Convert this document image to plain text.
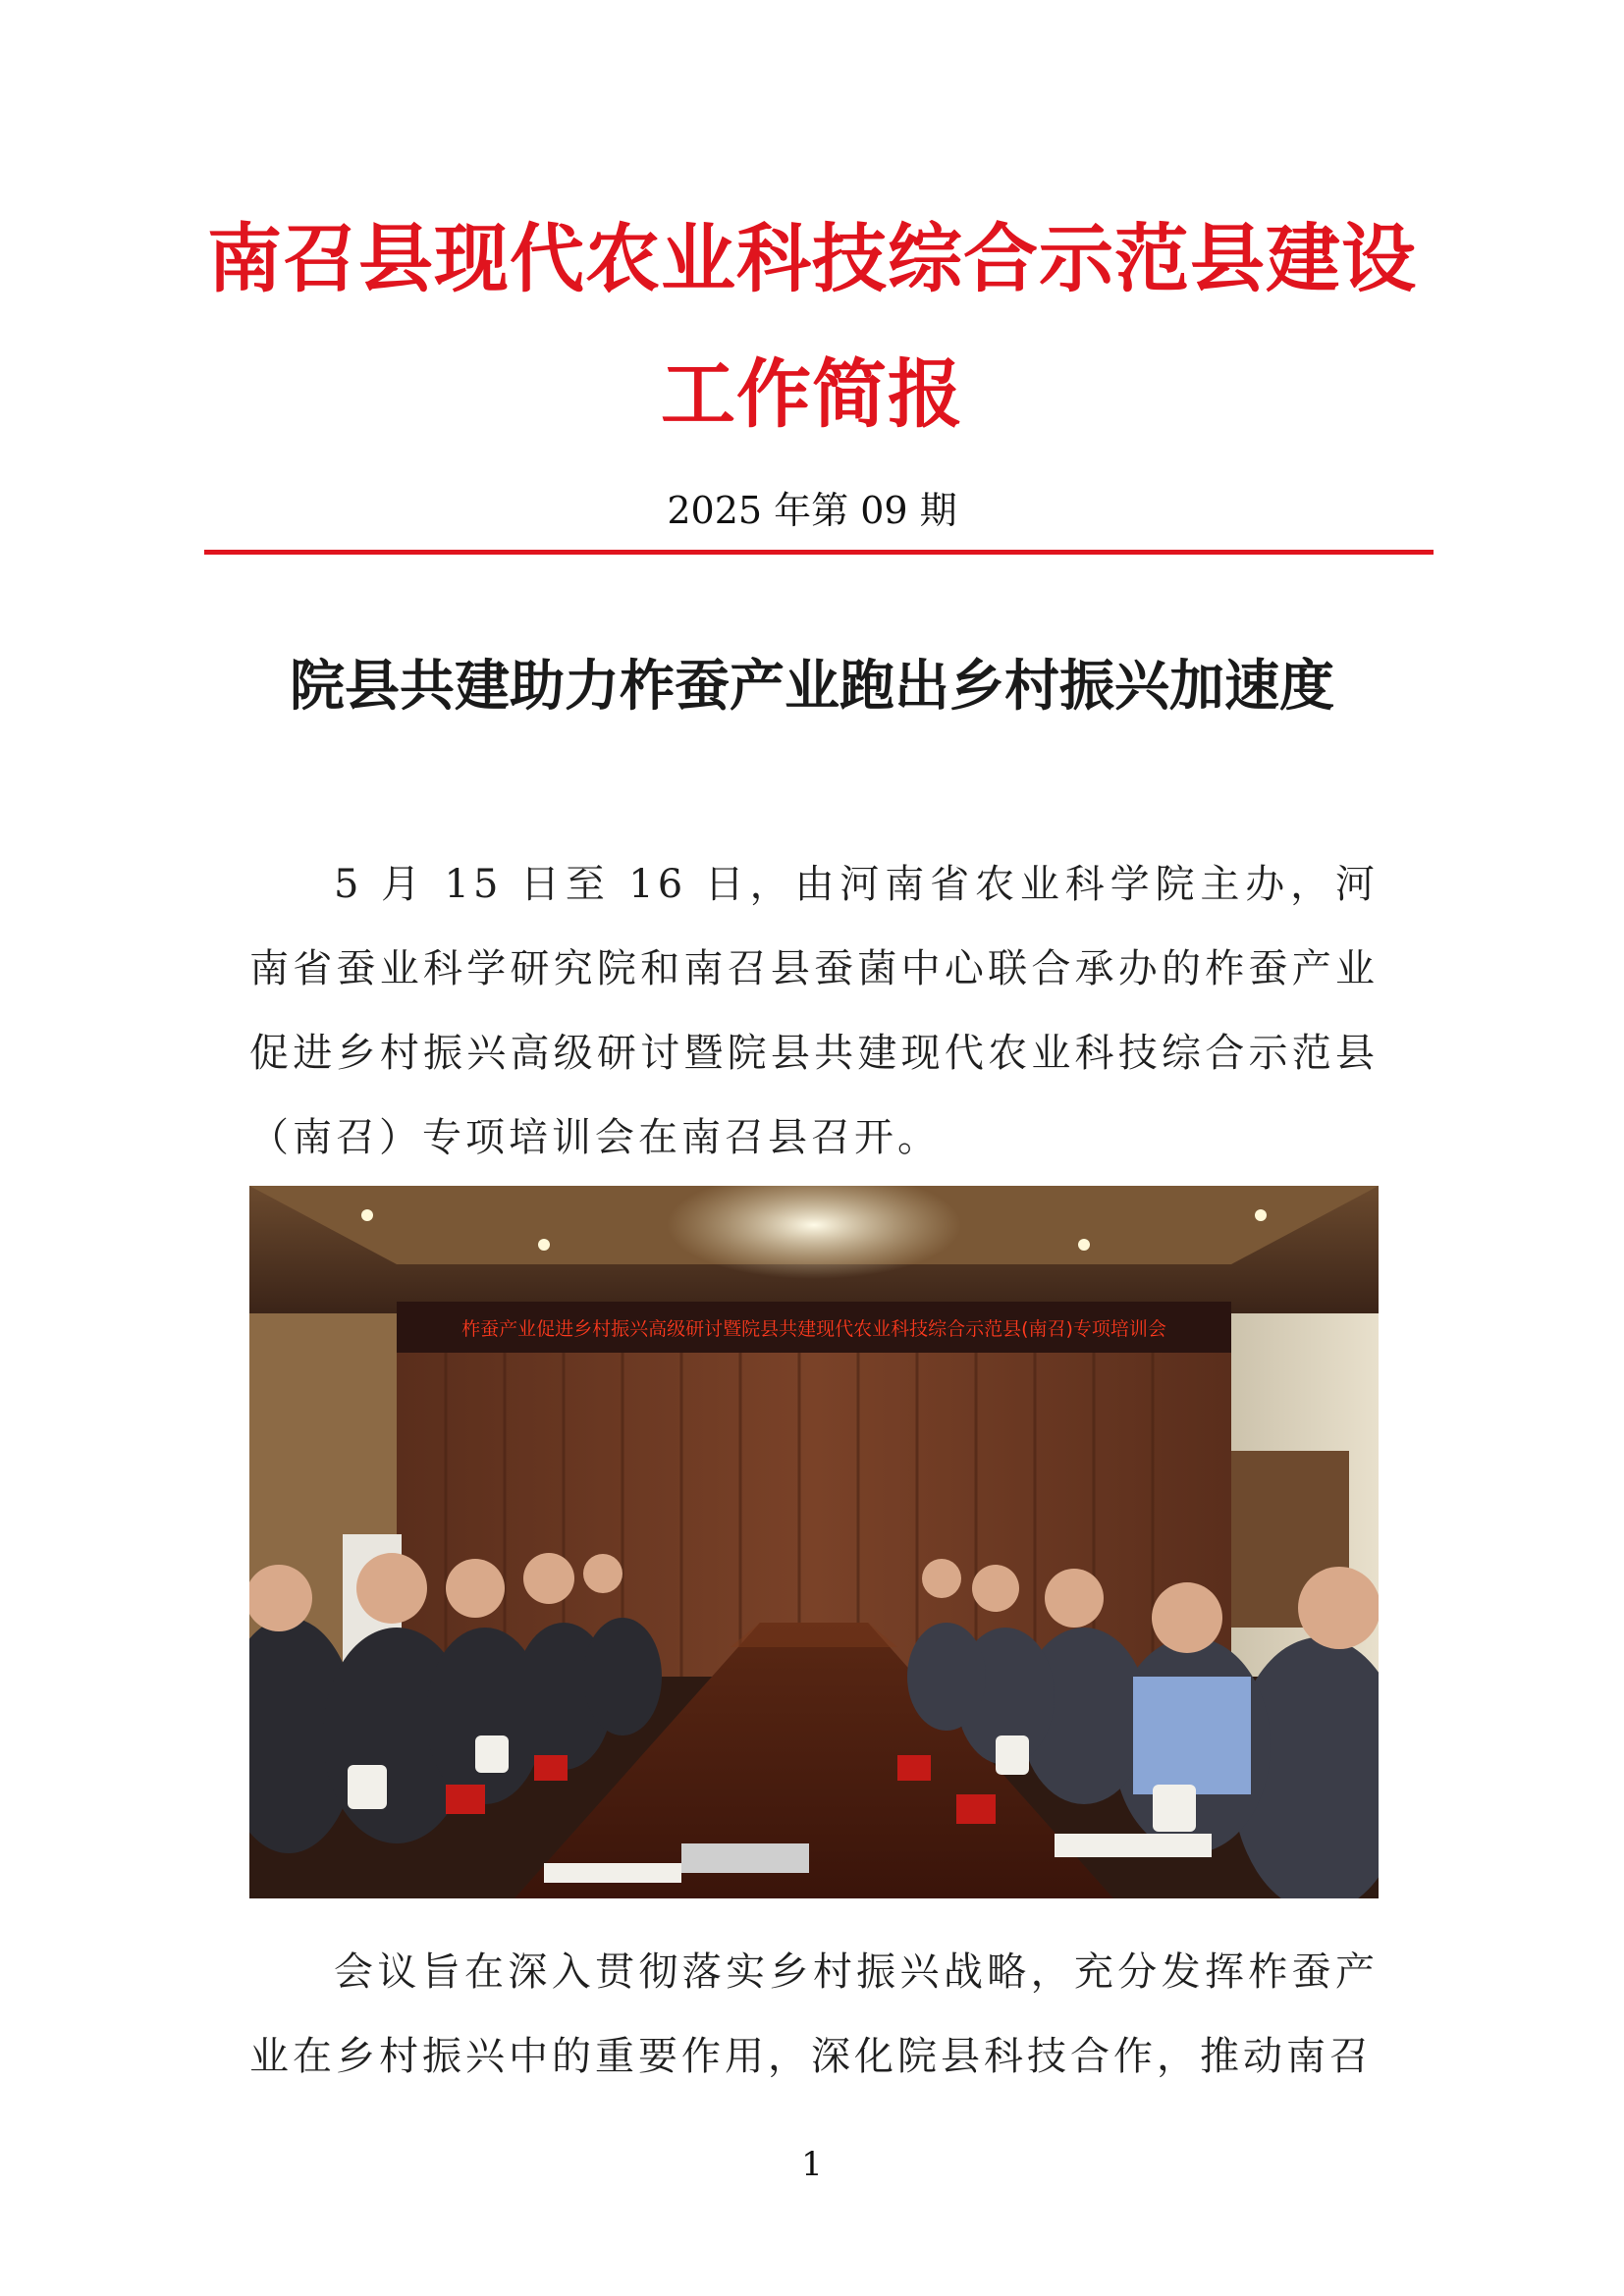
南召县现代农业科技综合示范县建设
工作简报
2025 年第 09 期
院县共建助力柞蚕产业跑出乡村振兴加速度

5 月 15 日至 16 日，由河南省农业科学院主办，河南省蚕业科学研究院和南召县蚕菌中心联合承办的柞蚕产业促进乡村振兴高级研讨暨院县共建现代农业科技综合示范县（南召）专项培训会在南召县召开。

柞蚕产业促进乡村振兴高级研讨暨院县共建现代农业科技综合示范县(南召)专项培训会

会议旨在深入贯彻落实乡村振兴战略，充分发挥柞蚕产业在乡村振兴中的重要作用，深化院县科技合作，推动南召

1
